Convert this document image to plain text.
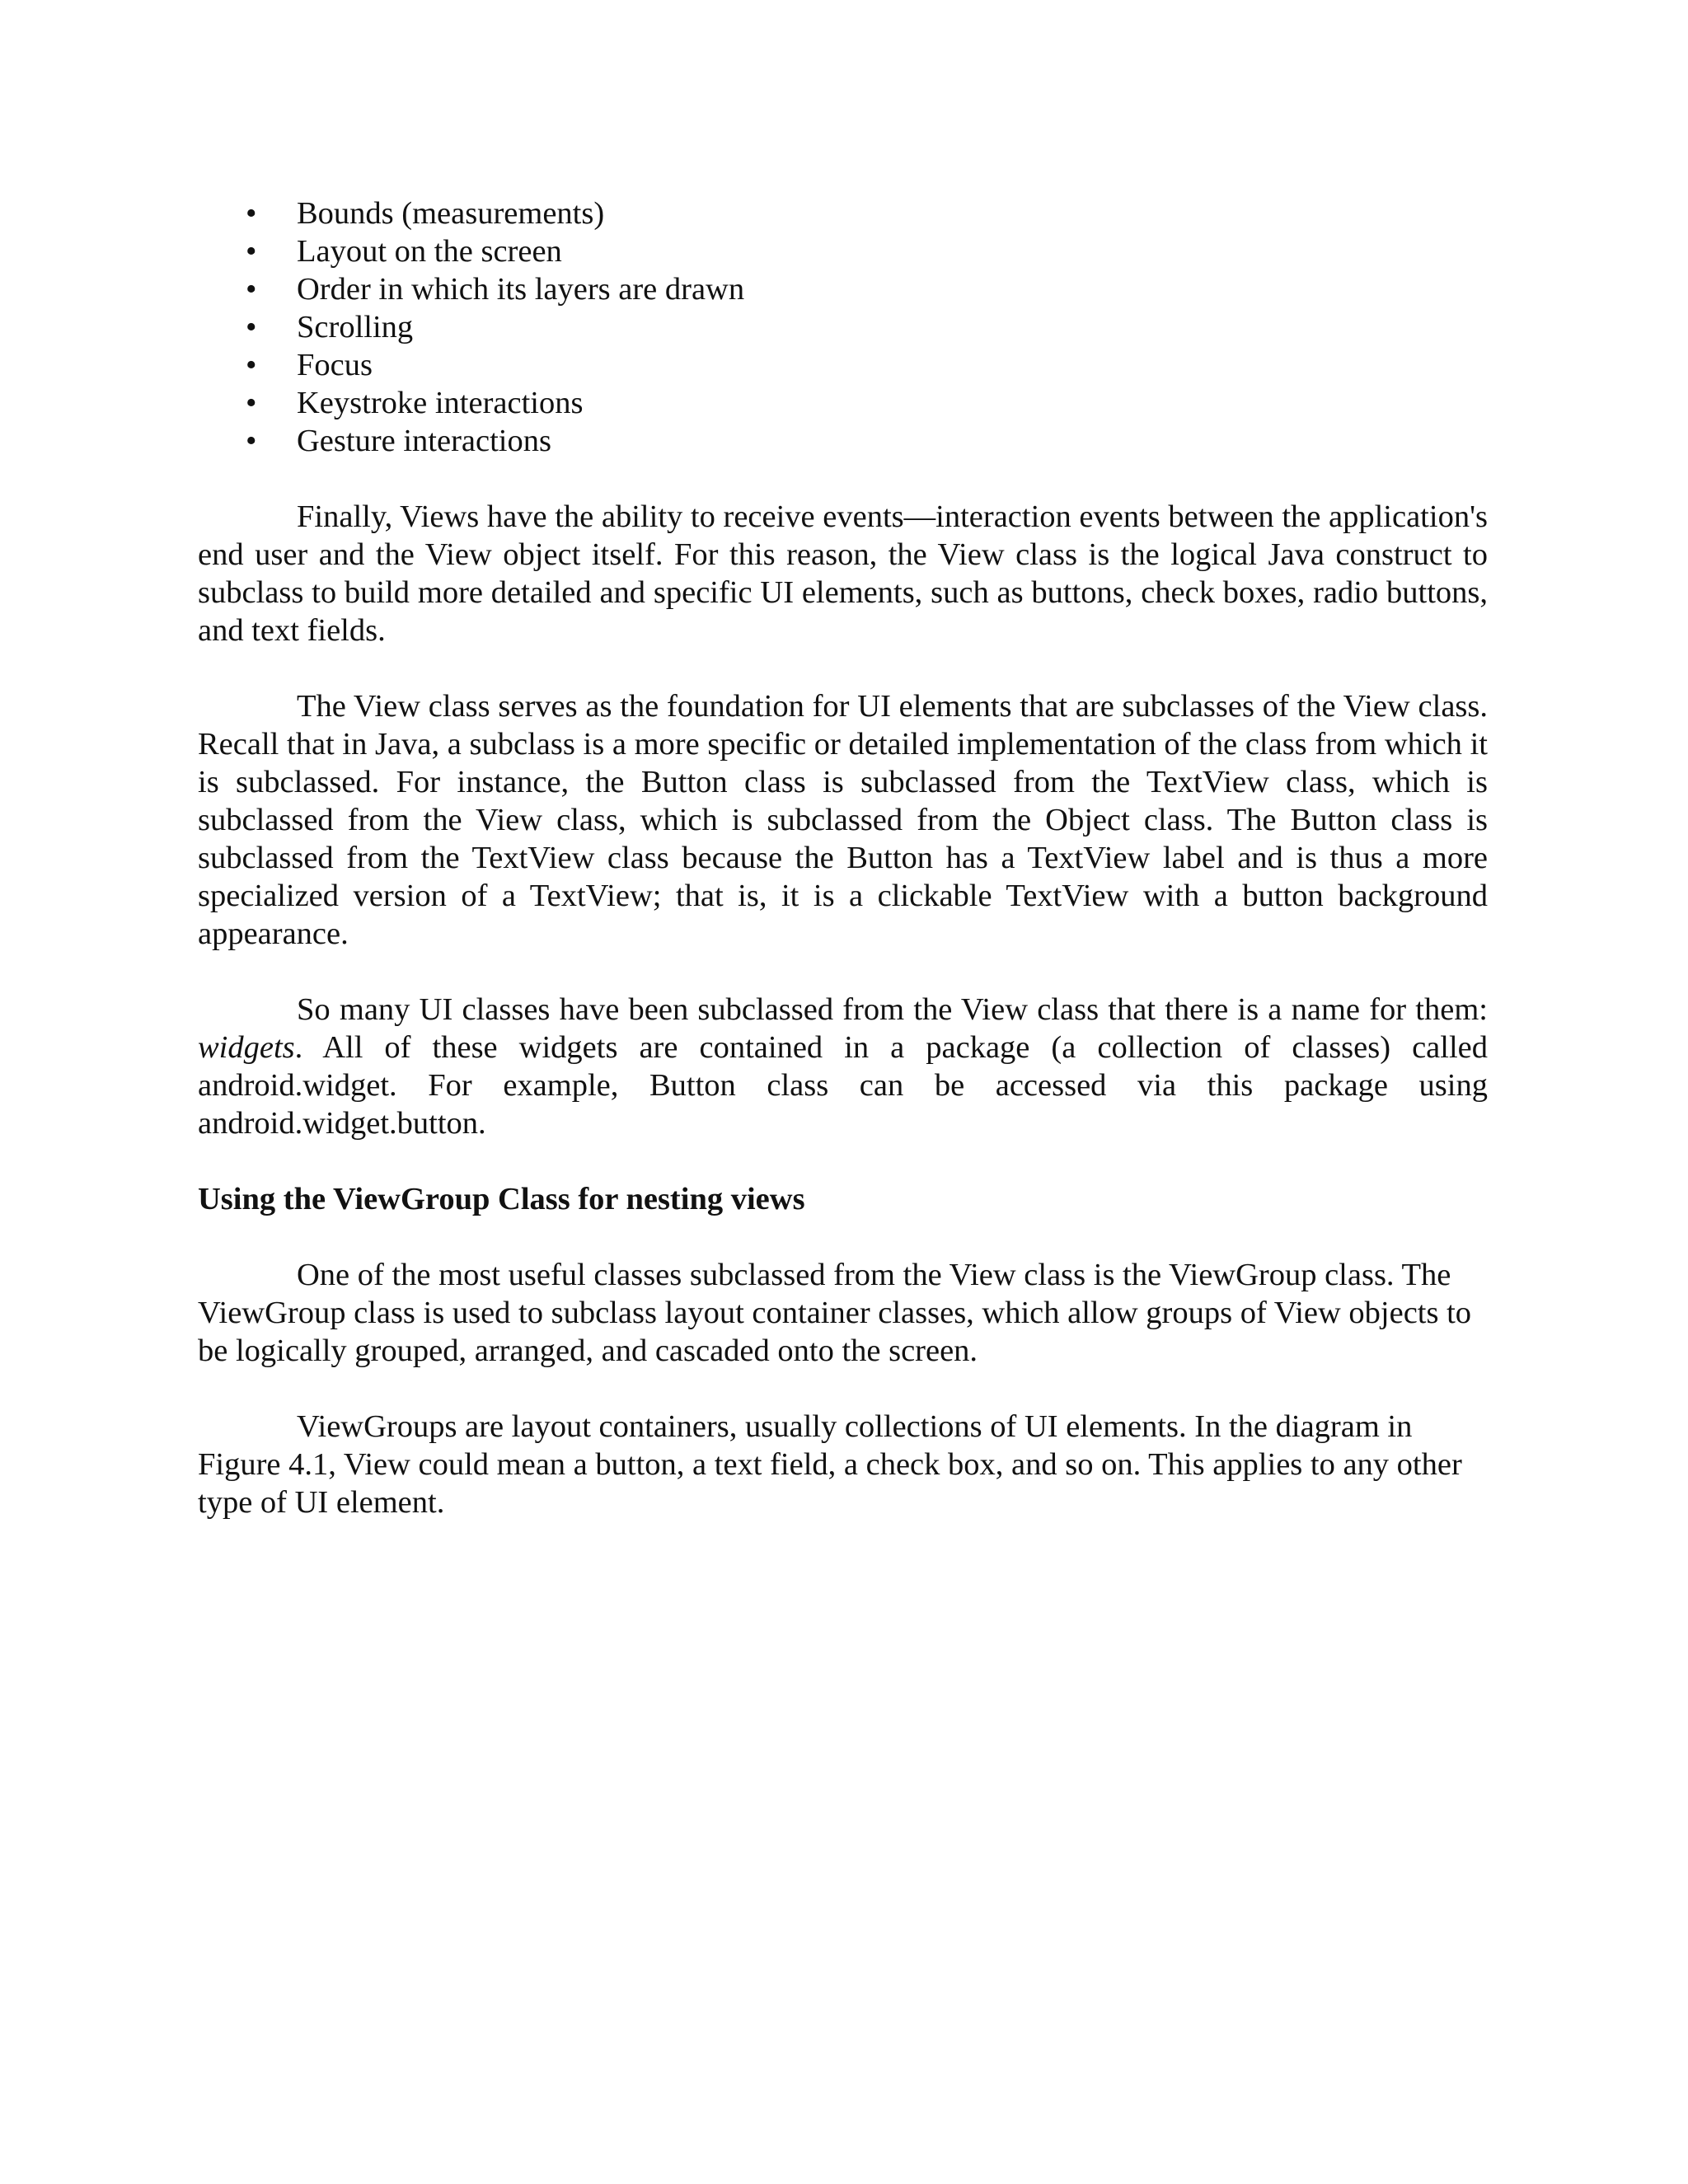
• Bounds (measurements)
• Layout on the screen
• Order in which its layers are drawn
• Scrolling
• Focus
• Keystroke interactions
• Gesture interactions

Finally, Views have the ability to receive events—interaction events between the application's end user and the View object itself. For this reason, the View class is the logical Java construct to subclass to build more detailed and specific UI elements, such as buttons, check boxes, radio buttons, and text fields.

The View class serves as the foundation for UI elements that are subclasses of the View class. Recall that in Java, a subclass is a more specific or detailed implementation of the class from which it is subclassed. For instance, the Button class is subclassed from the TextView class, which is subclassed from the View class, which is subclassed from the Object class. The Button class is subclassed from the TextView class because the Button has a TextView label and is thus a more specialized version of a TextView; that is, it is a clickable TextView with a button background appearance.

So many UI classes have been subclassed from the View class that there is a name for them: widgets. All of these widgets are contained in a package (a collection of classes) called android.widget. For example, Button class can be accessed via this package using android.widget.button.

Using the ViewGroup Class for nesting views

One of the most useful classes subclassed from the View class is the ViewGroup class. The ViewGroup class is used to subclass layout container classes, which allow groups of View objects to be logically grouped, arranged, and cascaded onto the screen.

ViewGroups are layout containers, usually collections of UI elements. In the diagram in Figure 4.1, View could mean a button, a text field, a check box, and so on. This applies to any other type of UI element.
